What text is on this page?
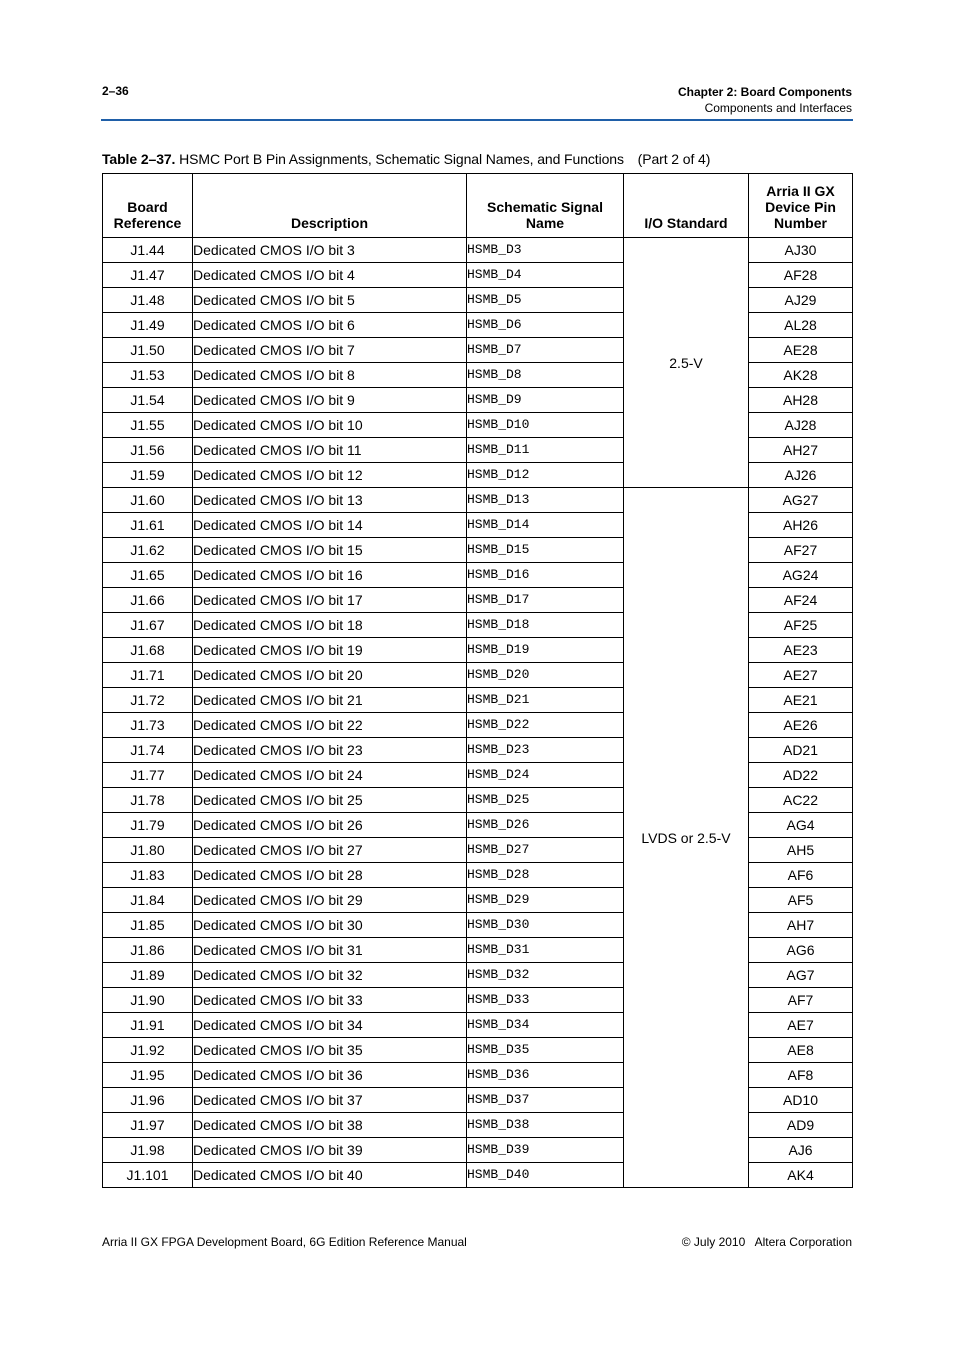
2–36	Chapter 2: Board Components
Components and Interfaces
Table 2–37. HSMC Port B Pin Assignments, Schematic Signal Names, and Functions (Part 2 of 4)
Board Reference	Description	Schematic Signal Name	I/O Standard	Arria II GX Device Pin Number
J1.44	Dedicated CMOS I/O bit 3	HSMB_D3	2.5-V	AJ30
J1.47	Dedicated CMOS I/O bit 4	HSMB_D4		AF28
J1.48	Dedicated CMOS I/O bit 5	HSMB_D5		AJ29
J1.49	Dedicated CMOS I/O bit 6	HSMB_D6		AL28
J1.50	Dedicated CMOS I/O bit 7	HSMB_D7		AE28
J1.53	Dedicated CMOS I/O bit 8	HSMB_D8		AK28
J1.54	Dedicated CMOS I/O bit 9	HSMB_D9		AH28
J1.55	Dedicated CMOS I/O bit 10	HSMB_D10		AJ28
J1.56	Dedicated CMOS I/O bit 11	HSMB_D11		AH27
J1.59	Dedicated CMOS I/O bit 12	HSMB_D12		AJ26
J1.60	Dedicated CMOS I/O bit 13	HSMB_D13	LVDS or 2.5-V	AG27
J1.61	Dedicated CMOS I/O bit 14	HSMB_D14		AH26
J1.62	Dedicated CMOS I/O bit 15	HSMB_D15		AF27
J1.65	Dedicated CMOS I/O bit 16	HSMB_D16		AG24
J1.66	Dedicated CMOS I/O bit 17	HSMB_D17		AF24
J1.67	Dedicated CMOS I/O bit 18	HSMB_D18		AF25
J1.68	Dedicated CMOS I/O bit 19	HSMB_D19		AE23
J1.71	Dedicated CMOS I/O bit 20	HSMB_D20		AE27
J1.72	Dedicated CMOS I/O bit 21	HSMB_D21		AE21
J1.73	Dedicated CMOS I/O bit 22	HSMB_D22		AE26
J1.74	Dedicated CMOS I/O bit 23	HSMB_D23		AD21
J1.77	Dedicated CMOS I/O bit 24	HSMB_D24		AD22
J1.78	Dedicated CMOS I/O bit 25	HSMB_D25		AC22
J1.79	Dedicated CMOS I/O bit 26	HSMB_D26		AG4
J1.80	Dedicated CMOS I/O bit 27	HSMB_D27		AH5
J1.83	Dedicated CMOS I/O bit 28	HSMB_D28		AF6
J1.84	Dedicated CMOS I/O bit 29	HSMB_D29		AF5
J1.85	Dedicated CMOS I/O bit 30	HSMB_D30		AH7
J1.86	Dedicated CMOS I/O bit 31	HSMB_D31		AG6
J1.89	Dedicated CMOS I/O bit 32	HSMB_D32		AG7
J1.90	Dedicated CMOS I/O bit 33	HSMB_D33		AF7
J1.91	Dedicated CMOS I/O bit 34	HSMB_D34		AE7
J1.92	Dedicated CMOS I/O bit 35	HSMB_D35		AE8
J1.95	Dedicated CMOS I/O bit 36	HSMB_D36		AF8
J1.96	Dedicated CMOS I/O bit 37	HSMB_D37		AD10
J1.97	Dedicated CMOS I/O bit 38	HSMB_D38		AD9
J1.98	Dedicated CMOS I/O bit 39	HSMB_D39		AJ6
J1.101	Dedicated CMOS I/O bit 40	HSMB_D40		AK4
Arria II GX FPGA Development Board, 6G Edition Reference Manual	© July 2010   Altera Corporation
